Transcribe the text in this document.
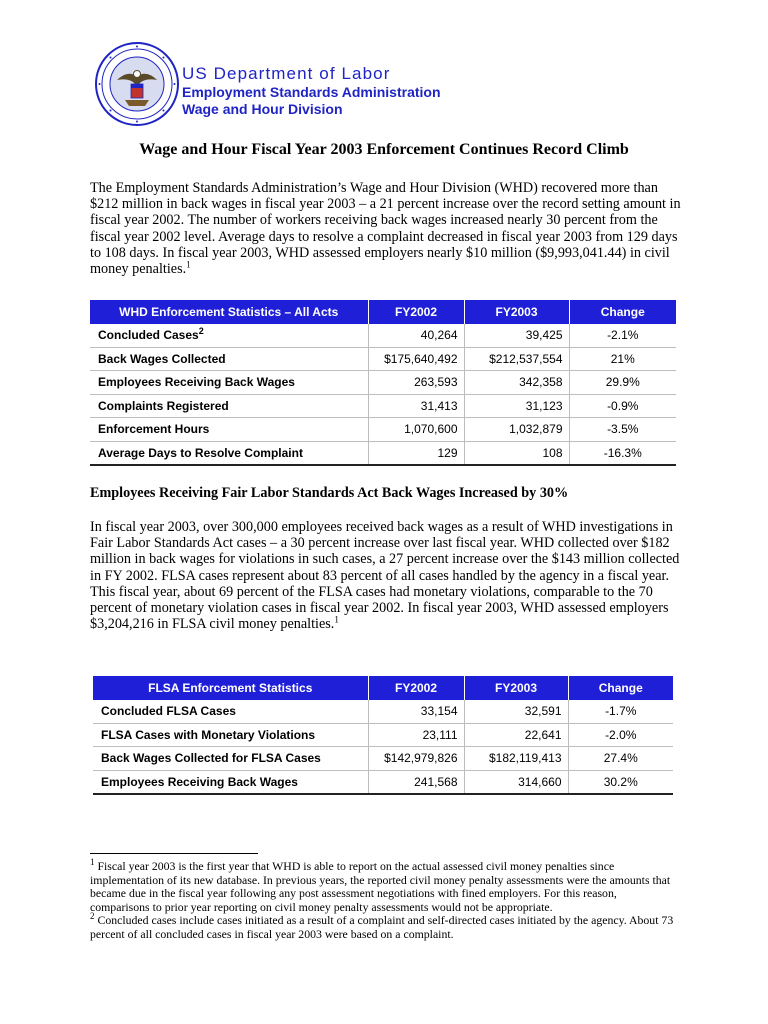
US Department of Labor
Employment Standards Administration
Wage and Hour Division
Wage and Hour Fiscal Year 2003 Enforcement Continues Record Climb

The Employment Standards Administration’s Wage and Hour Division (WHD) recovered more than $212 million in back wages in fiscal year 2003 – a 21 percent increase over the record setting amount in fiscal year 2002. The number of workers receiving back wages increased nearly 30 percent from the fiscal year 2002 level. Average days to resolve a complaint decreased in fiscal year 2003 from 129 days to 108 days. In fiscal year 2003, WHD assessed employers nearly $10 million ($9,993,041.44) in civil money penalties.$^1$

WHD Enforcement Statistics – All Acts	FY2002	FY2003	Change
Concluded Cases$^2$	40,264	39,425	-2.1%
Back Wages Collected	$175,640,492	$212,537,554	21%
Employees Receiving Back Wages	263,593	342,358	29.9%
Complaints Registered	31,413	31,123	-0.9%
Enforcement Hours	1,070,600	1,032,879	-3.5%
Average Days to Resolve Complaint	129	108	-16.3%
Employees Receiving Fair Labor Standards Act Back Wages Increased by 30%

In fiscal year 2003, over 300,000 employees received back wages as a result of WHD investigations in Fair Labor Standards Act cases – a 30 percent increase over last fiscal year. WHD collected over $182 million in back wages for violations in such cases, a 27 percent increase over the $143 million collected in FY 2002. FLSA cases represent about 83 percent of all cases handled by the agency in a fiscal year. This fiscal year, about 69 percent of the FLSA cases had monetary violations, comparable to the 70 percent of monetary violation cases in fiscal year 2002. In fiscal year 2003, WHD assessed employers $3,204,216 in FLSA civil money penalties.$^1$

FLSA Enforcement Statistics	FY2002	FY2003	Change
Concluded FLSA Cases	33,154	32,591	-1.7%
FLSA Cases with Monetary Violations	23,111	22,641	-2.0%
Back Wages Collected for FLSA Cases	$142,979,826	$182,119,413	27.4%
Employees Receiving Back Wages	241,568	314,660	30.2%

$^1$ Fiscal year 2003 is the first year that WHD is able to report on the actual assessed civil money penalties since implementation of its new database. In previous years, the reported civil money penalty assessments were the amounts that became due in the fiscal year following any post assessment negotiations with fined employers. For this reason, comparisons to prior year reporting on civil money penalty assessments would not be appropriate.

$^2$ Concluded cases include cases initiated as a result of a complaint and self-directed cases initiated by the agency. About 73 percent of all concluded cases in fiscal year 2003 were based on a complaint.
